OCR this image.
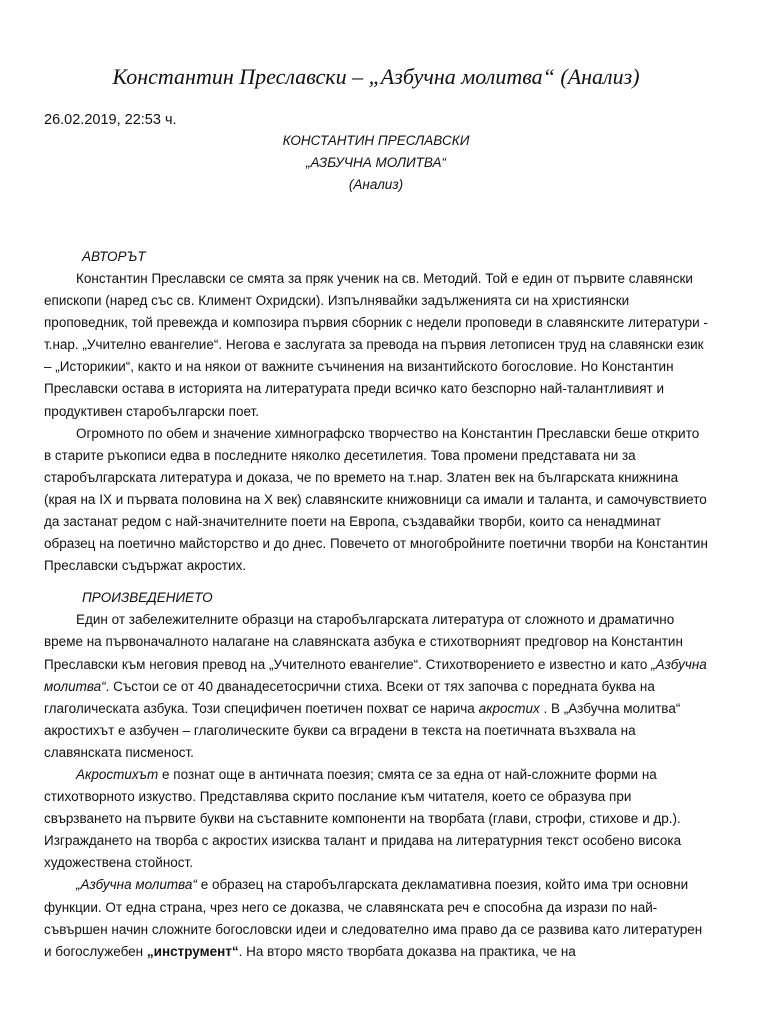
Константин Преславски – „Азбучна молитва“ (Анализ)
26.02.2019, 22:53 ч.
КОНСТАНТИН ПРЕСЛАВСКИ
„АЗБУЧНА МОЛИТВА“
(Анализ)
АВТОРЪТ

Константин Преславски се смята за пряк ученик на св. Методий. Той е един от първите славянски епископи (наред със св. Климент Охридски). Изпълнявайки задълженията си на християнски проповедник, той превежда и композира първия сборник с недели проповеди в славянските литератури - т.нар. „Учително евангелие“. Негова е заслугата за превода на първия летописен труд на славянски език – „Историкии“, както и на някои от важните съчинения на византийското богословие. Но Константин Преславски остава в историята на литературата преди всичко като безспорно най-талантливият и продуктивен старобългарски поет.

Огромното по обем и значение химнографско творчество на Константин Преславски беше открито в старите ръкописи едва в последните няколко десетилетия. Това промени представата ни за старобългарската литература и доказа, че по времето на т.нар. Златен век на българската книжнина (края на IX и първата половина на X век) славянските книжовници са имали и таланта, и самочувствието да застанат редом с най-значителните поети на Европа, създавайки творби, които са ненадминат образец на поетично майсторство и до днес. Повечето от многобройните поетични творби на Константин Преславски съдържат акростих.

ПРОИЗВЕДЕНИЕТО

Един от забележителните образци на старобългарската литература от сложното и драматично време на първоначалното налагане на славянската азбука е стихотворният предговор на Константин Преславски към неговия превод на „Учителното евангелие“. Стихотворението е известно и като „Азбучна молитва“. Състои се от 40 дванадесетосрични стиха. Всеки от тях започва с поредната буква на глаголическата азбука. Този специфичен поетичен похват се нарича акростих . В „Азбучна молитва“ акростихът е азбучен – глаголическите букви са вградени в текста на поетичната възхвала на славянската писменост.

Акростихът е познат още в античната поезия; смята се за една от най-сложните форми на стихотворното изкуство. Представлява скрито послание към читателя, което се образува при свързването на първите букви на съставните компоненти на творбата (глави, строфи, стихове и др.). Изграждането на творба с акростих изисква талант и придава на литературния текст особено висока художествена стойност.

„Азбучна молитва“ е образец на старобългарската декламативна поезия, който има три основни функции. От една страна, чрез него се доказва, че славянската реч е способна да изрази по най-съвършен начин сложните богословски идеи и следователно има право да се развива като литературен и богослужебен „инструмент“. На второ място творбата доказва на практика, че на
